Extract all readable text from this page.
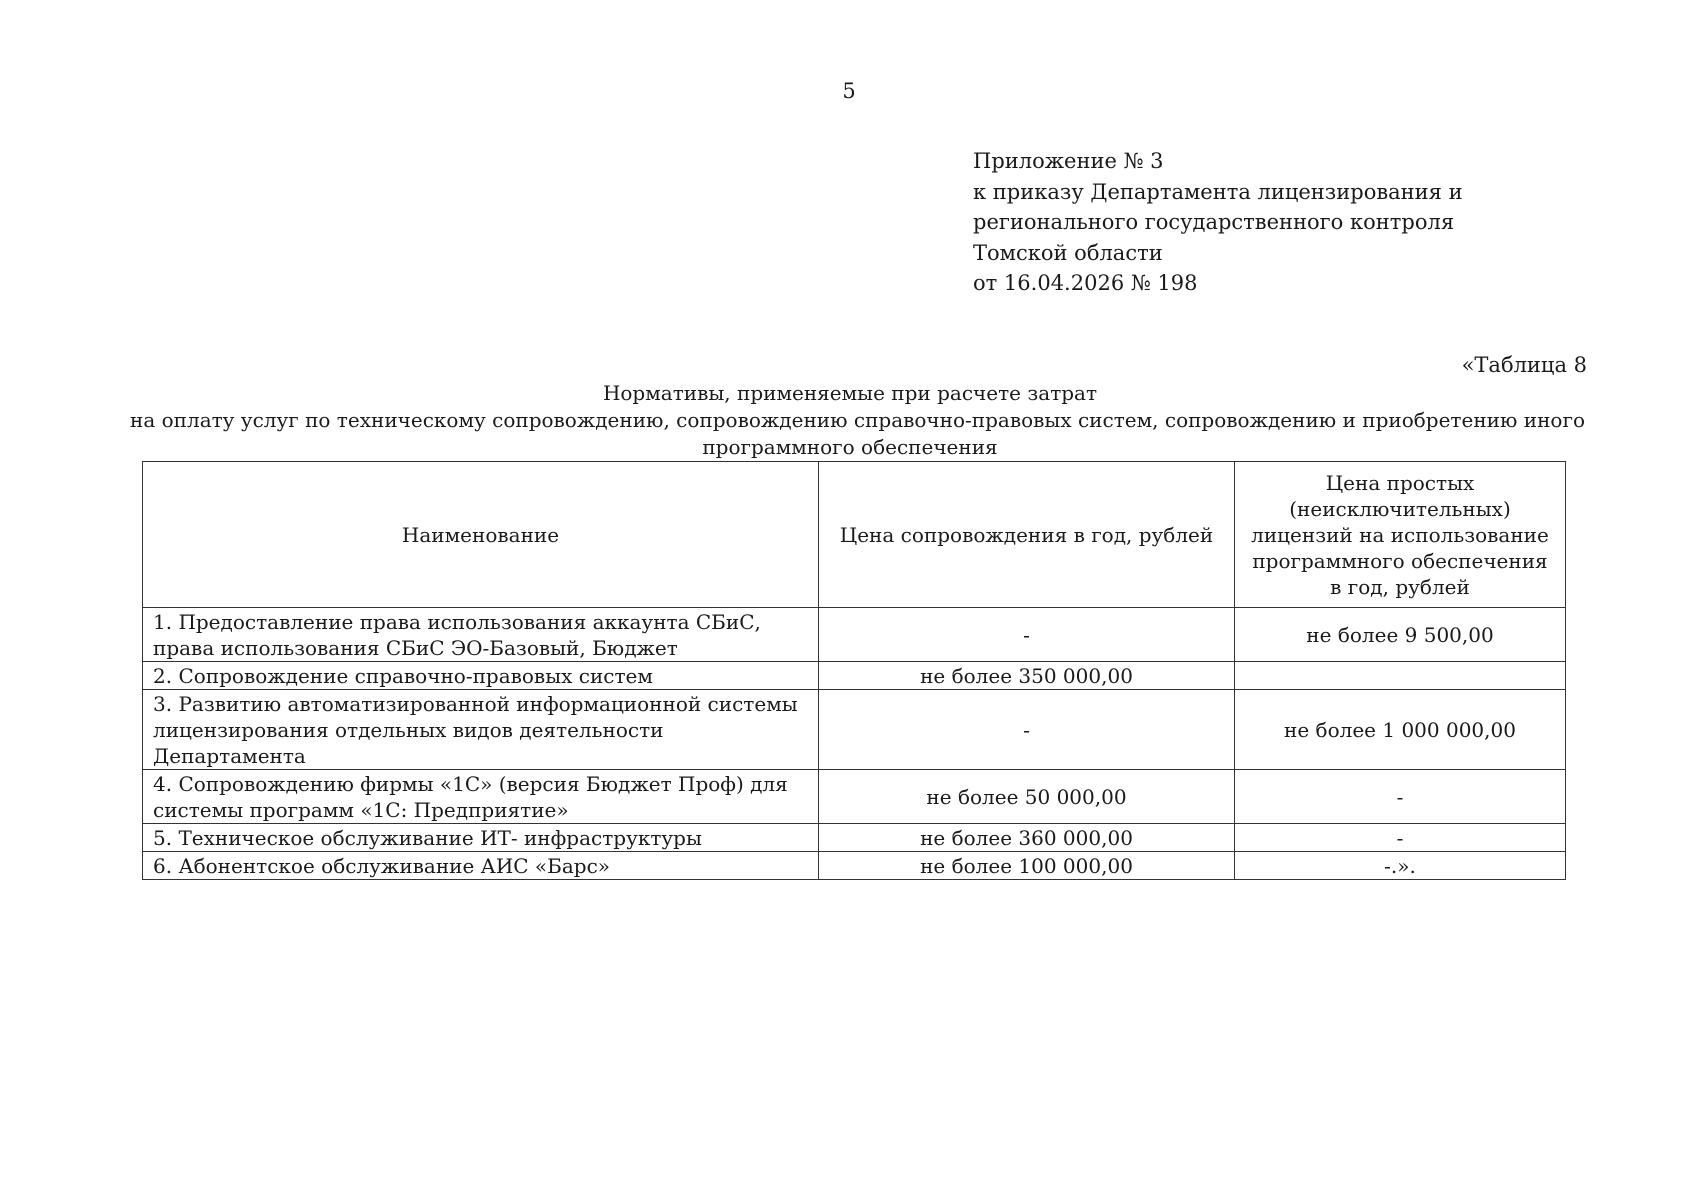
5
Приложение № 3
к приказу Департамента лицензирования и
регионального государственного контроля
Томской области
от 16.04.2026 № 198
«Таблица 8
Нормативы, применяемые при расчете затрат
на оплату услуг по техническому сопровождению, сопровождению справочно-правовых систем, сопровождению и приобретению иного
программного обеспечения
Наименование	Цена сопровождения в год, рублей	Цена простых (неисключительных) лицензий на использование программного обеспечения в год, рублей
1. Предоставление права использования аккаунта СБиС, права использования СБиС ЭО-Базовый, Бюджет	-	не более 9 500,00
2. Сопровождение справочно-правовых систем	не более 350 000,00	
3. Развитию автоматизированной информационной системы лицензирования отдельных видов деятельности Департамента	-	не более 1 000 000,00
4. Сопровождению фирмы «1С» (версия Бюджет Проф) для системы программ «1С: Предприятие»	не более 50 000,00	-
5. Техническое обслуживание ИТ- инфраструктуры	не более 360 000,00	-
6. Абонентское обслуживание АИС «Барс»	не более 100 000,00	-.».
